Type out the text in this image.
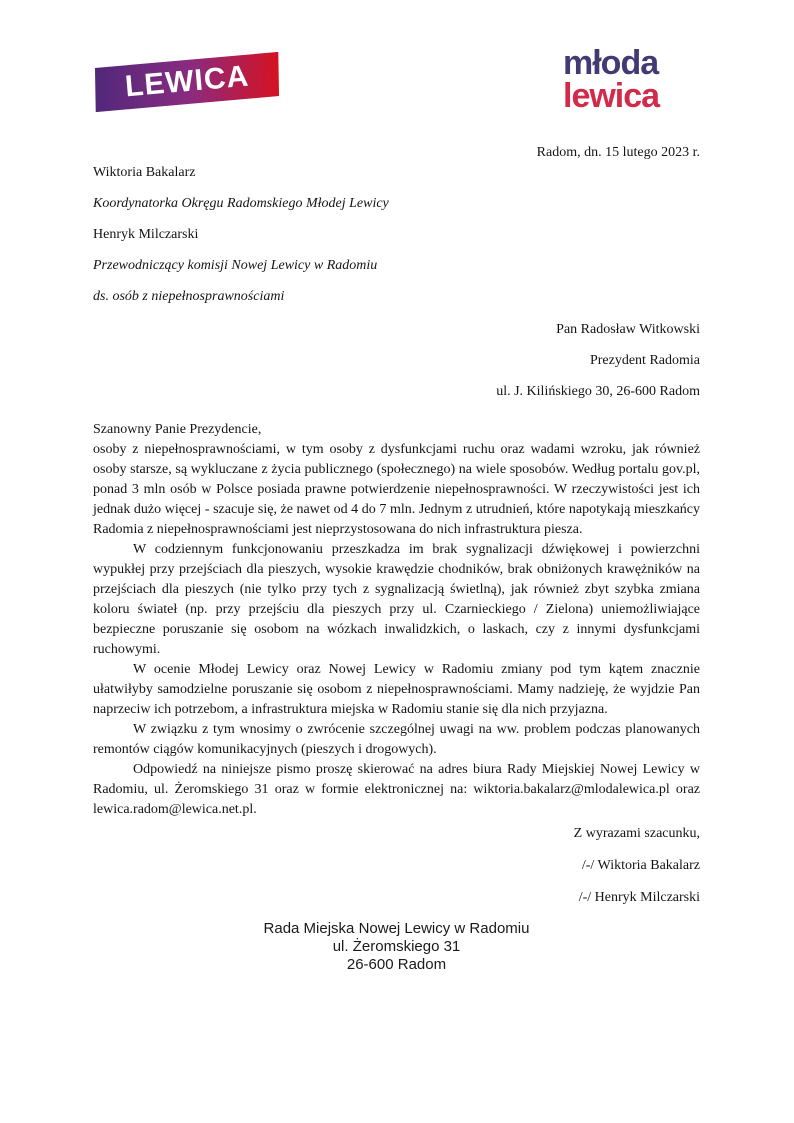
LEWICA	młoda
lewica

Radom, dn. 15 lutego 2023 r.

Wiktoria Bakalarz

Koordynatorka Okręgu Radomskiego Młodej Lewicy

Henryk Milczarski

Przewodniczący komisji Nowej Lewicy w Radomiu

ds. osób z niepełnosprawnościami

Pan Radosław Witkowski

Prezydent Radomia

ul. J. Kilińskiego 30, 26-600 Radom

Szanowny Panie Prezydencie,

osoby z niepełnosprawnościami, w tym osoby z dysfunkcjami ruchu oraz wadami wzroku, jak również osoby starsze, są wykluczane z życia publicznego (społecznego) na wiele sposobów. Według portalu gov.pl, ponad 3 mln osób w Polsce posiada prawne potwierdzenie niepełnosprawności. W rzeczywistości jest ich jednak dużo więcej - szacuje się, że nawet od 4 do 7 mln. Jednym z utrudnień, które napotykają mieszkańcy Radomia z niepełnosprawnościami jest nieprzystosowana do nich infrastruktura piesza.

W codziennym funkcjonowaniu przeszkadza im brak sygnalizacji dźwiękowej i powierzchni wypukłej przy przejściach dla pieszych, wysokie krawędzie chodników, brak obniżonych krawężników na przejściach dla pieszych (nie tylko przy tych z sygnalizacją świetlną), jak również zbyt szybka zmiana koloru świateł (np. przy przejściu dla pieszych przy ul. Czarnieckiego / Zielona) uniemożliwiające bezpieczne poruszanie się osobom na wózkach inwalidzkich, o laskach, czy z innymi dysfunkcjami ruchowymi.

W ocenie Młodej Lewicy oraz Nowej Lewicy w Radomiu zmiany pod tym kątem znacznie ułatwiłyby samodzielne poruszanie się osobom z niepełnosprawnościami. Mamy nadzieję, że wyjdzie Pan naprzeciw ich potrzebom, a infrastruktura miejska w Radomiu stanie się dla nich przyjazna.

W związku z tym wnosimy o zwrócenie szczególnej uwagi na ww. problem podczas planowanych remontów ciągów komunikacyjnych (pieszych i drogowych).

Odpowiedź na niniejsze pismo proszę skierować na adres biura Rady Miejskiej Nowej Lewicy w Radomiu, ul. Żeromskiego 31 oraz w formie elektronicznej na: wiktoria.bakalarz@mlodalewica.pl oraz lewica.radom@lewica.net.pl.

Z wyrazami szacunku,

/-/ Wiktoria Bakalarz

/-/ Henryk Milczarski

Rada Miejska Nowej Lewicy w Radomiu

ul. Żeromskiego 31

26-600 Radom
